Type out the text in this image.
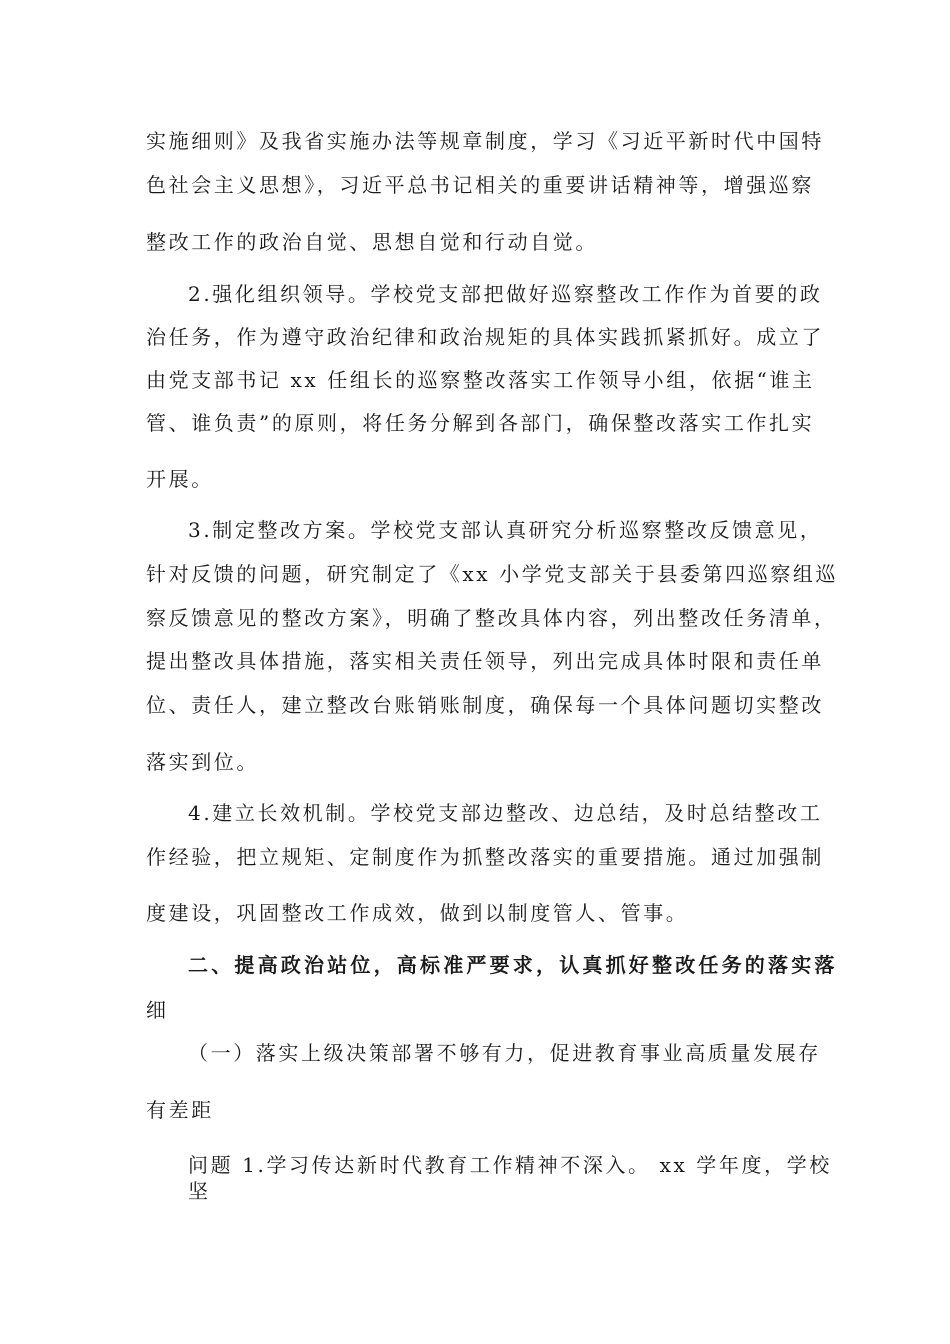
实施细则》及我省实施办法等规章制度，学习《习近平新时代中国特
色社会主义思想》，习近平总书记相关的重要讲话精神等，增强巡察
整改工作的政治自觉、思想自觉和行动自觉。
2.强化组织领导。学校党支部把做好巡察整改工作作为首要的政
治任务，作为遵守政治纪律和政治规矩的具体实践抓紧抓好。成立了
由党支部书记 xx 任组长的巡察整改落实工作领导小组，依据“谁主
管、谁负责”的原则，将任务分解到各部门，确保整改落实工作扎实
开展。
3.制定整改方案。学校党支部认真研究分析巡察整改反馈意见，
针对反馈的问题，研究制定了《xx 小学党支部关于县委第四巡察组巡
察反馈意见的整改方案》，明确了整改具体内容，列出整改任务清单，
提出整改具体措施，落实相关责任领导，列出完成具体时限和责任单
位、责任人，建立整改台账销账制度，确保每一个具体问题切实整改
落实到位。
4.建立长效机制。学校党支部边整改、边总结，及时总结整改工
作经验，把立规矩、定制度作为抓整改落实的重要措施。通过加强制
度建设，巩固整改工作成效，做到以制度管人、管事。
二、提高政治站位，高标准严要求，认真抓好整改任务的落实落
细
（一）落实上级决策部署不够有力，促进教育事业高质量发展存
有差距
问题 1.学习传达新时代教育工作精神不深入。 xx 学年度，学校
坚
